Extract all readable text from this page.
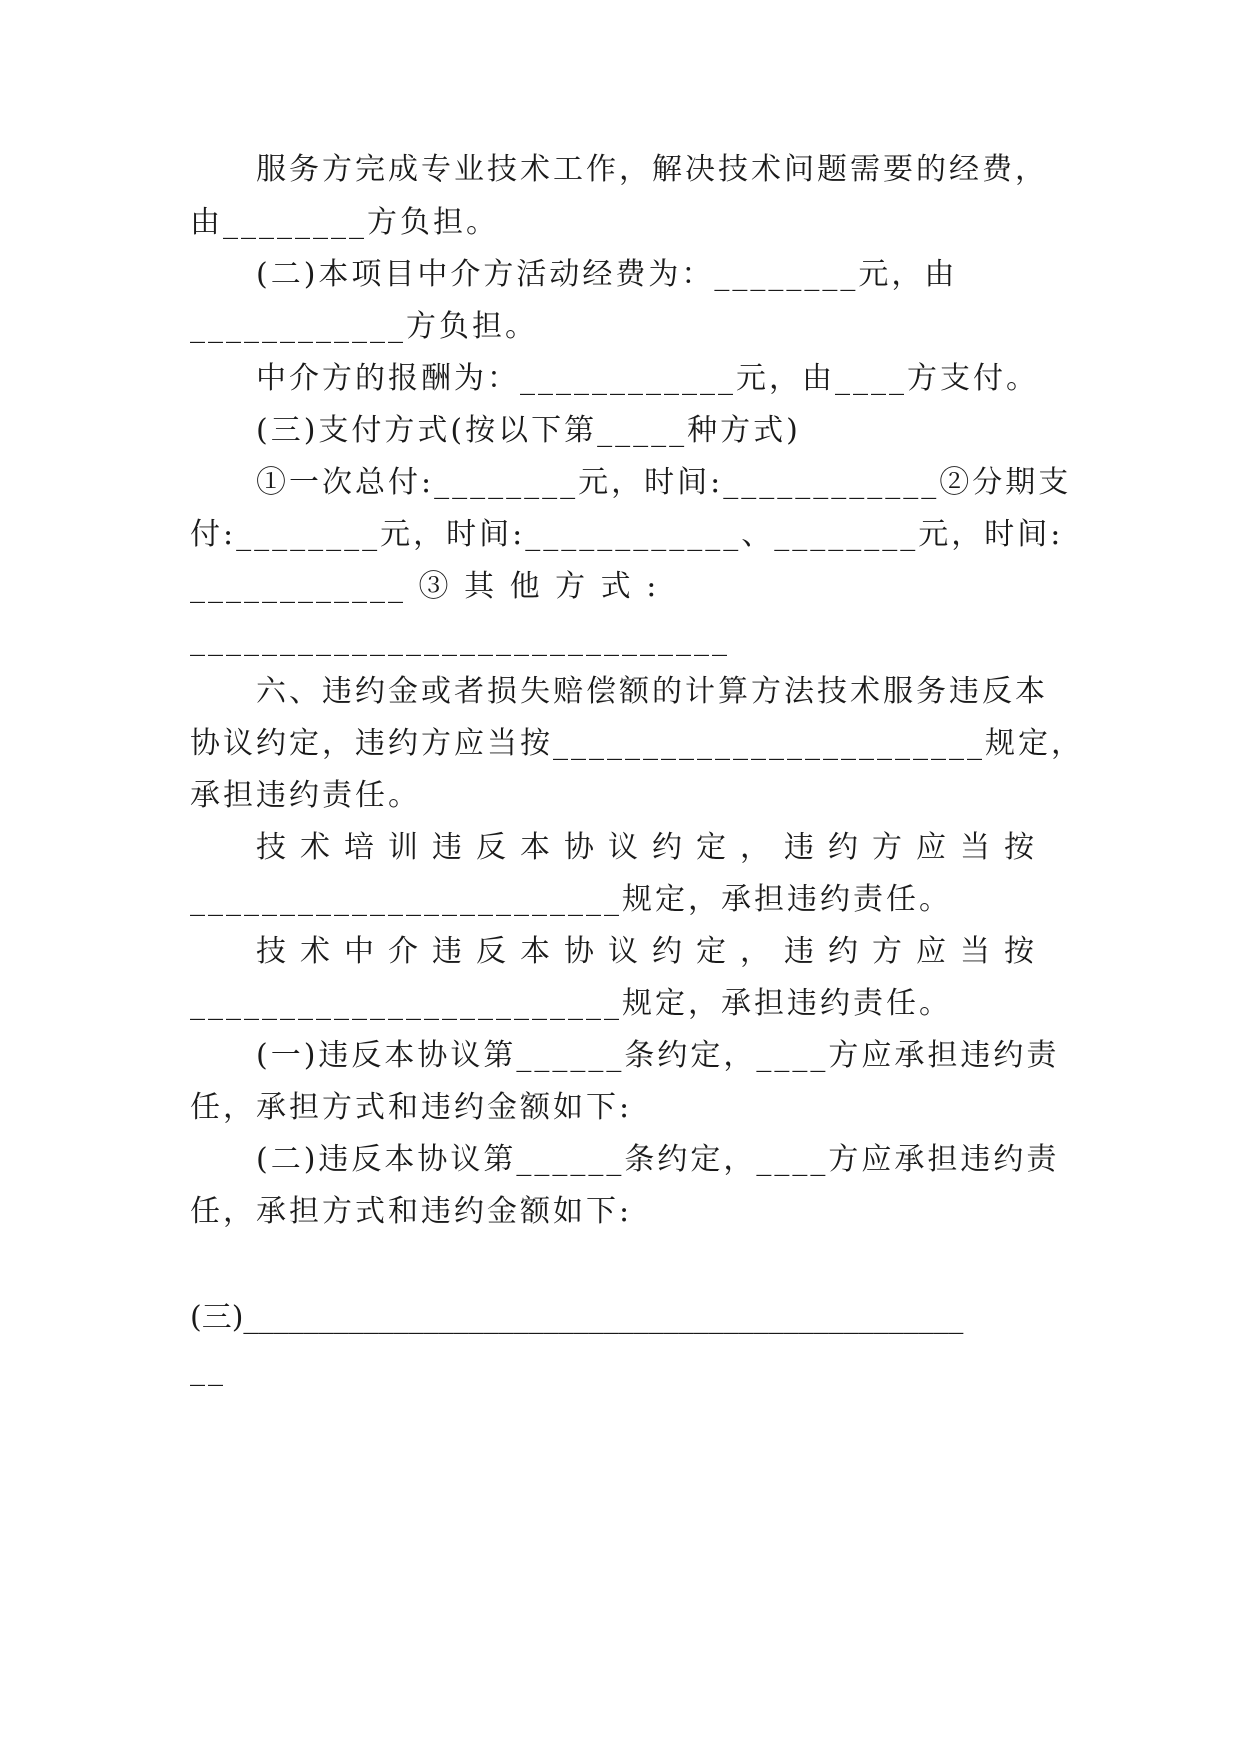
服务方完成专业技术工作，解决技术问题需要的经费，
由________方负担。
(二)本项目中介方活动经费为：________元，由
____________方负担。
中介方的报酬为：____________元，由____方支付。
(三)支付方式(按以下第_____种方式)
①一次总付:________元，时间:____________②分期支
付:________元，时间:____________、________元，时间:
____________ ③ 其 他 方 式 :
______________________________
六、违约金或者损失赔偿额的计算方法技术服务违反本
协议约定，违约方应当按________________________规定，
承担违约责任。
技术培训违反本协议约定，违约方应当按
________________________规定，承担违约责任。
技术中介违反本协议约定，违约方应当按
________________________规定，承担违约责任。
(一)违反本协议第______条约定，____方应承担违约责
任，承担方式和违约金额如下:
(二)违反本协议第______条约定，____方应承担违约责
任，承担方式和违约金额如下:
(三)________________________________________________
__
